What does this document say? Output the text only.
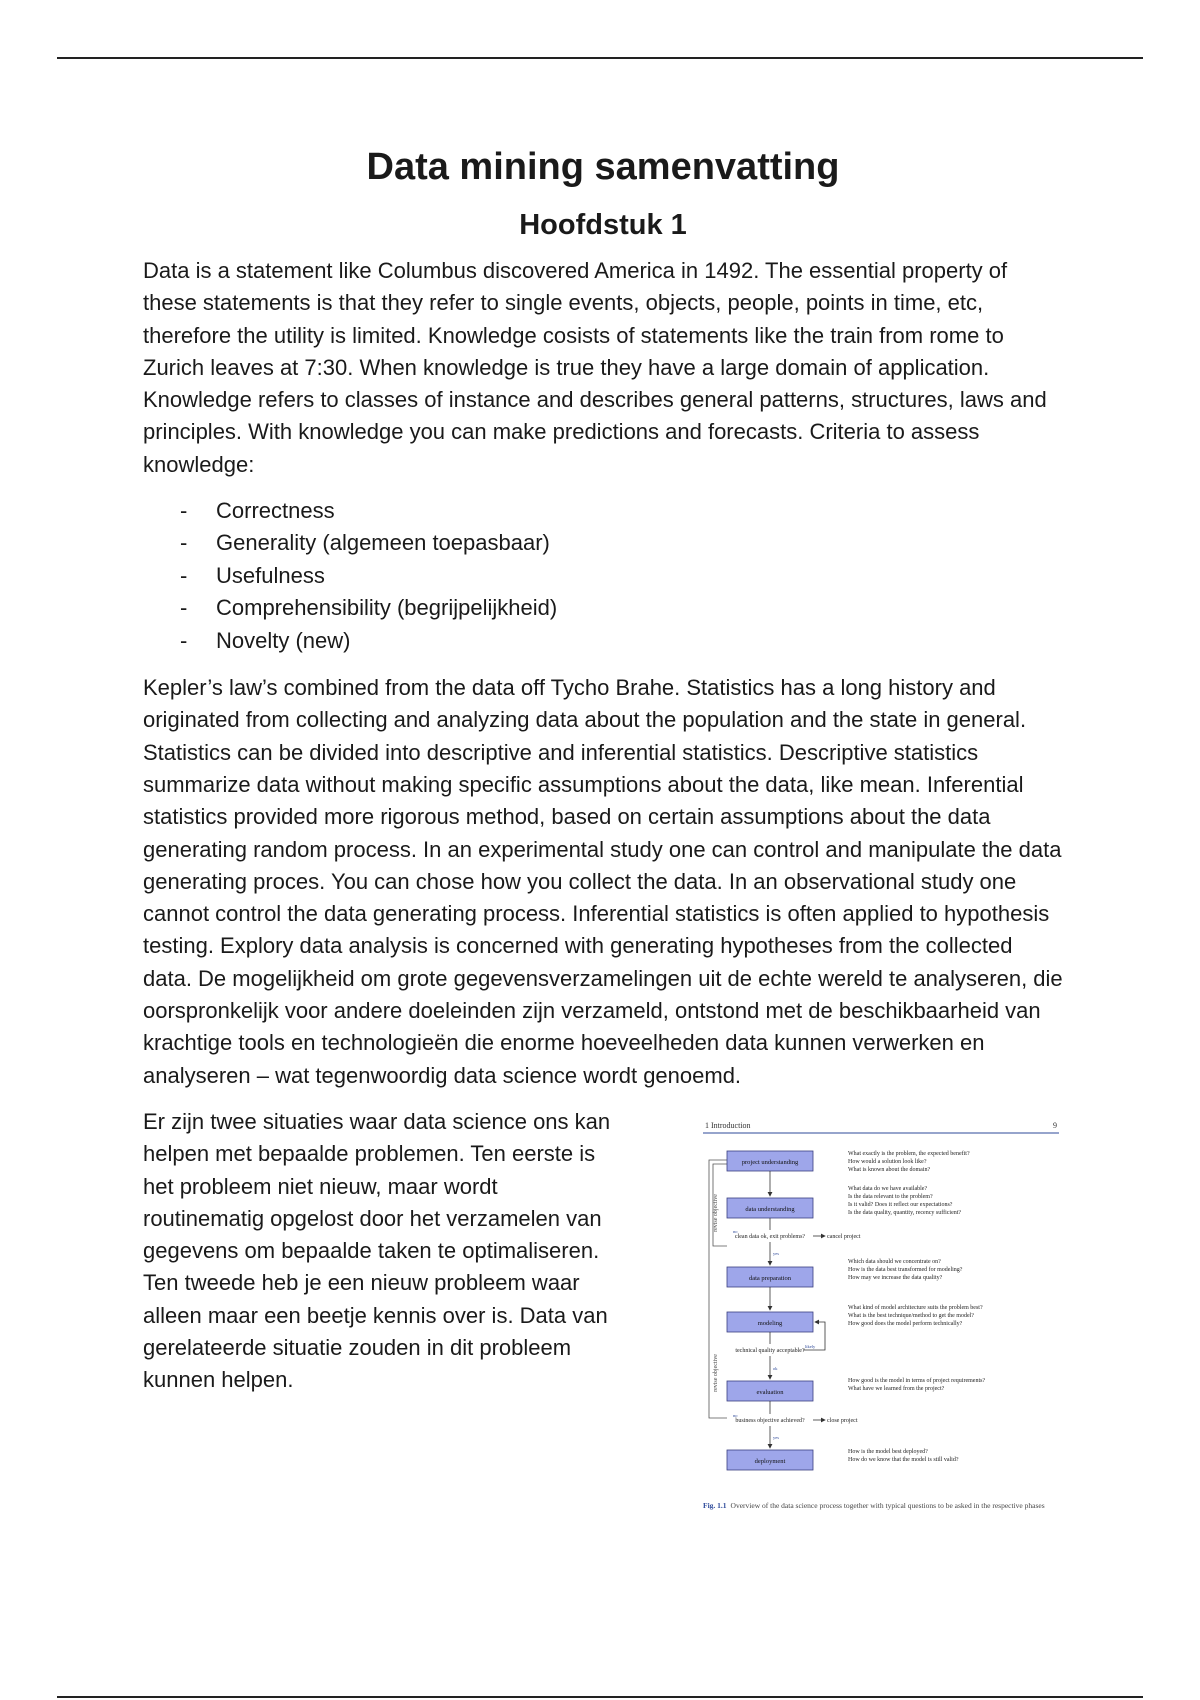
Data mining samenvatting
Hoofdstuk 1

Data is a statement like Columbus discovered America in 1492. The essential property of these statements is that they refer to single events, objects, people, points in time, etc, therefore the utility is limited. Knowledge cosists of statements like the train from rome to Zurich leaves at 7:30. When knowledge is true they have a large domain of application. Knowledge refers to classes of instance and describes general patterns, structures, laws and principles. With knowledge you can make predictions and forecasts. Criteria to assess knowledge:

- Correctness
- Generality (algemeen toepasbaar)
- Usefulness
- Comprehensibility (begrijpelijkheid)
- Novelty (new)

Kepler’s law’s combined from the data off Tycho Brahe. Statistics has a long history and originated from collecting and analyzing data about the population and the state in general. Statistics can be divided into descriptive and inferential statistics. Descriptive statistics summarize data without making specific assumptions about the data, like mean. Inferential statistics provided more rigorous method, based on certain assumptions about the data generating random process. In an experimental study one can control and manipulate the data generating proces. You can chose how you collect the data. In an observational study one cannot control the data generating process. Inferential statistics is often applied to hypothesis testing. Explory data analysis is concerned with generating hypotheses from the collected data. De mogelijkheid om grote gegevensverzamelingen uit de echte wereld te analyseren, die oorspronkelijk voor andere doeleinden zijn verzameld, ontstond met de beschikbaarheid van krachtige tools en technologieën die enorme hoeveelheden data kunnen verwerken en analyseren – wat tegenwoordig data science wordt genoemd.

Er zijn twee situaties waar data science ons kan helpen met bepaalde problemen. Ten eerste is het probleem niet nieuw, maar wordt routinematig opgelost door het verzamelen van gegevens om bepaalde taken te optimaliseren. Ten tweede heb je een nieuw probleem waar alleen maar een beetje kennis over is. Data van gerelateerde situatie zouden in dit probleem kunnen helpen.

1 Introduction	9
revise objective
revise objective
project understanding
data understanding
data preparation
modeling
evaluation
deployment
clean data ok, exit problems?	cancel project
no
yes
technical quality acceptable?
likely
ok
business objective achieved?	close project
no
yes
What exactly is the problem, the expected benefit?
How would a solution look like?
What is known about the domain?
What data do we have available?
Is the data relevant to the problem?
Is it valid? Does it reflect our expectations?
Is the data quality, quantity, recency sufficient?
Which data should we concentrate on?
How is the data best transformed for modeling?
How may we increase the data quality?
What kind of model architecture suits the problem best?
What is the best technique/method to get the model?
How good does the model perform technically?
How good is the model in terms of project requirements?
What have we learned from the project?
How is the model best deployed?
How do we know that the model is still valid?
Fig. 1.1 Overview of the data science process together with typical questions to be asked in the respective phases
